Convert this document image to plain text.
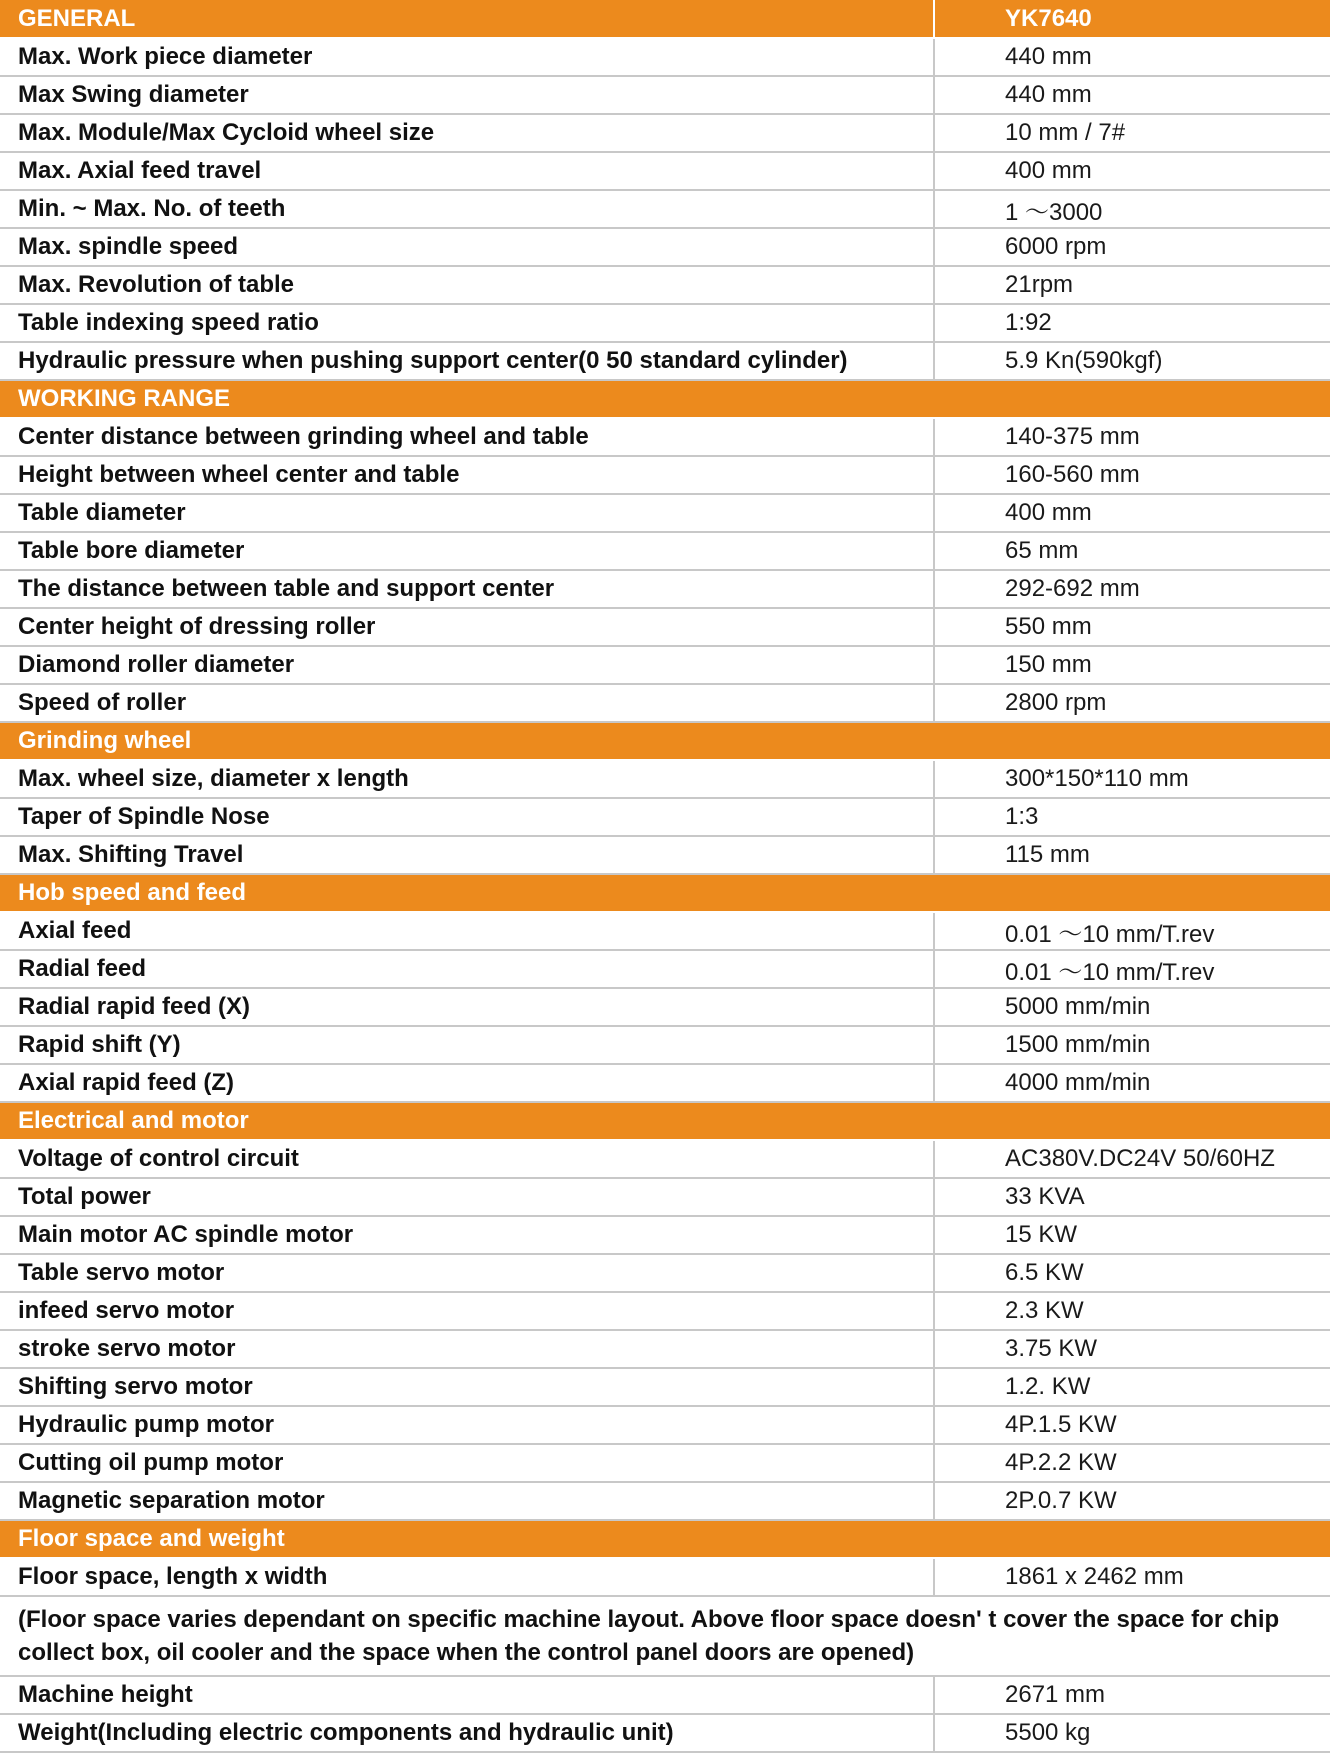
GENERAL	YK7640
Max. Work piece diameter	440 mm
Max Swing diameter	440 mm
Max. Module/Max Cycloid wheel size	10 mm / 7#
Max. Axial feed travel	400 mm
Min. ~ Max. No. of teeth	1 ～3000
Max. spindle speed	6000 rpm
Max. Revolution of table	21rpm
Table indexing speed ratio	1:92
Hydraulic pressure when pushing support center(0 50 standard cylinder)	5.9 Kn(590kgf)
WORKING RANGE	
Center distance between grinding wheel and table	140-375 mm
Height between wheel center and table	160-560 mm
Table diameter	400 mm
Table bore diameter	65 mm
The distance between table and support center	292-692 mm
Center height of dressing roller	550 mm
Diamond roller diameter	150 mm
Speed of roller	2800 rpm
Grinding wheel	
Max. wheel size, diameter x length	300*150*110 mm
Taper of Spindle Nose	1:3
Max. Shifting Travel	115 mm
Hob speed and feed	
Axial feed	0.01 ～10 mm/T.rev
Radial feed	0.01 ～10 mm/T.rev
Radial rapid feed (X)	5000 mm/min
Rapid shift (Y)	1500 mm/min
Axial rapid feed (Z)	4000 mm/min
Electrical and motor	
Voltage of control circuit	AC380V.DC24V 50/60HZ
Total power	33 KVA
Main motor AC spindle motor	15 KW
Table servo motor	6.5 KW
infeed servo motor	2.3 KW
stroke servo motor	3.75 KW
Shifting servo motor	1.2. KW
Hydraulic pump motor	4P.1.5 KW
Cutting oil pump motor	4P.2.2 KW
Magnetic separation motor	2P.0.7 KW
Floor space and weight	
Floor space, length x width	1861 x 2462 mm
(Floor space varies dependant on specific machine layout. Above floor space doesn' t cover the space for chip collect box, oil cooler and the space when the control panel doors are opened)	
Machine height	2671 mm
Weight(Including electric components and hydraulic unit)	5500 kg
